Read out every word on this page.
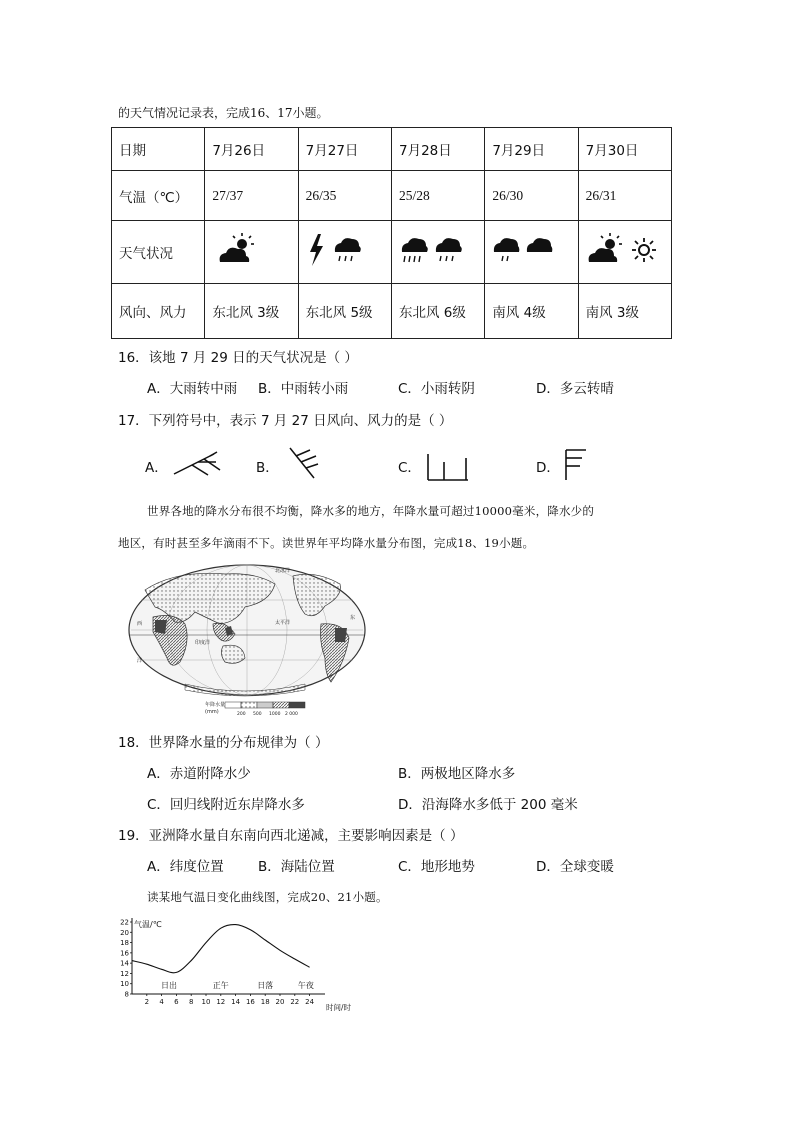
的天气情况记录表，完成16、17小题。
日期	7月26日	7月27日	7月28日	7月29日	7月30日
气温（℃）	27/37	26/35	25/28	26/30	26/31
天气状况					
风向、风力	东北风 3级	东北风 5级	东北风 6级	南风 4级	南风 3级
16．该地 7 月 29 日的天气状况是（ ）
A．大雨转中雨 B．中雨转小雨	C．小雨转阴	D．多云转晴
17．下列符号中，表示 7 月 27 日风向、风力的是（ ）
A．	B．	C．	D．
世界各地的降水分布很不均衡，降水多的地方，年降水量可超过10000毫米，降水少的
地区，有时甚至多年滴雨不下。读世界年平均降水量分布图，完成18、19小题。
北冰洋
太平洋
印度洋
西
洋
东
年降水量
(mm)	200 500 1000 2 000
18．世界降水量的分布规律为（ ）
A．赤道附降水少	B．两极地区降水多
C．回归线附近东岸降水多	D．沿海降水多低于 200 毫米
19．亚洲降水量自东南向西北递减，主要影响因素是（ ）
A．纬度位置	B．海陆位置	C．地形地势	D．全球变暖
读某地气温日变化曲线图，完成20、21小题。
2 4 6 8 10 12 14 16 18 20 22 24
8
10
12
14
16
18
20
22
日出	正午	日落	午夜
气温/℃
时间/时
